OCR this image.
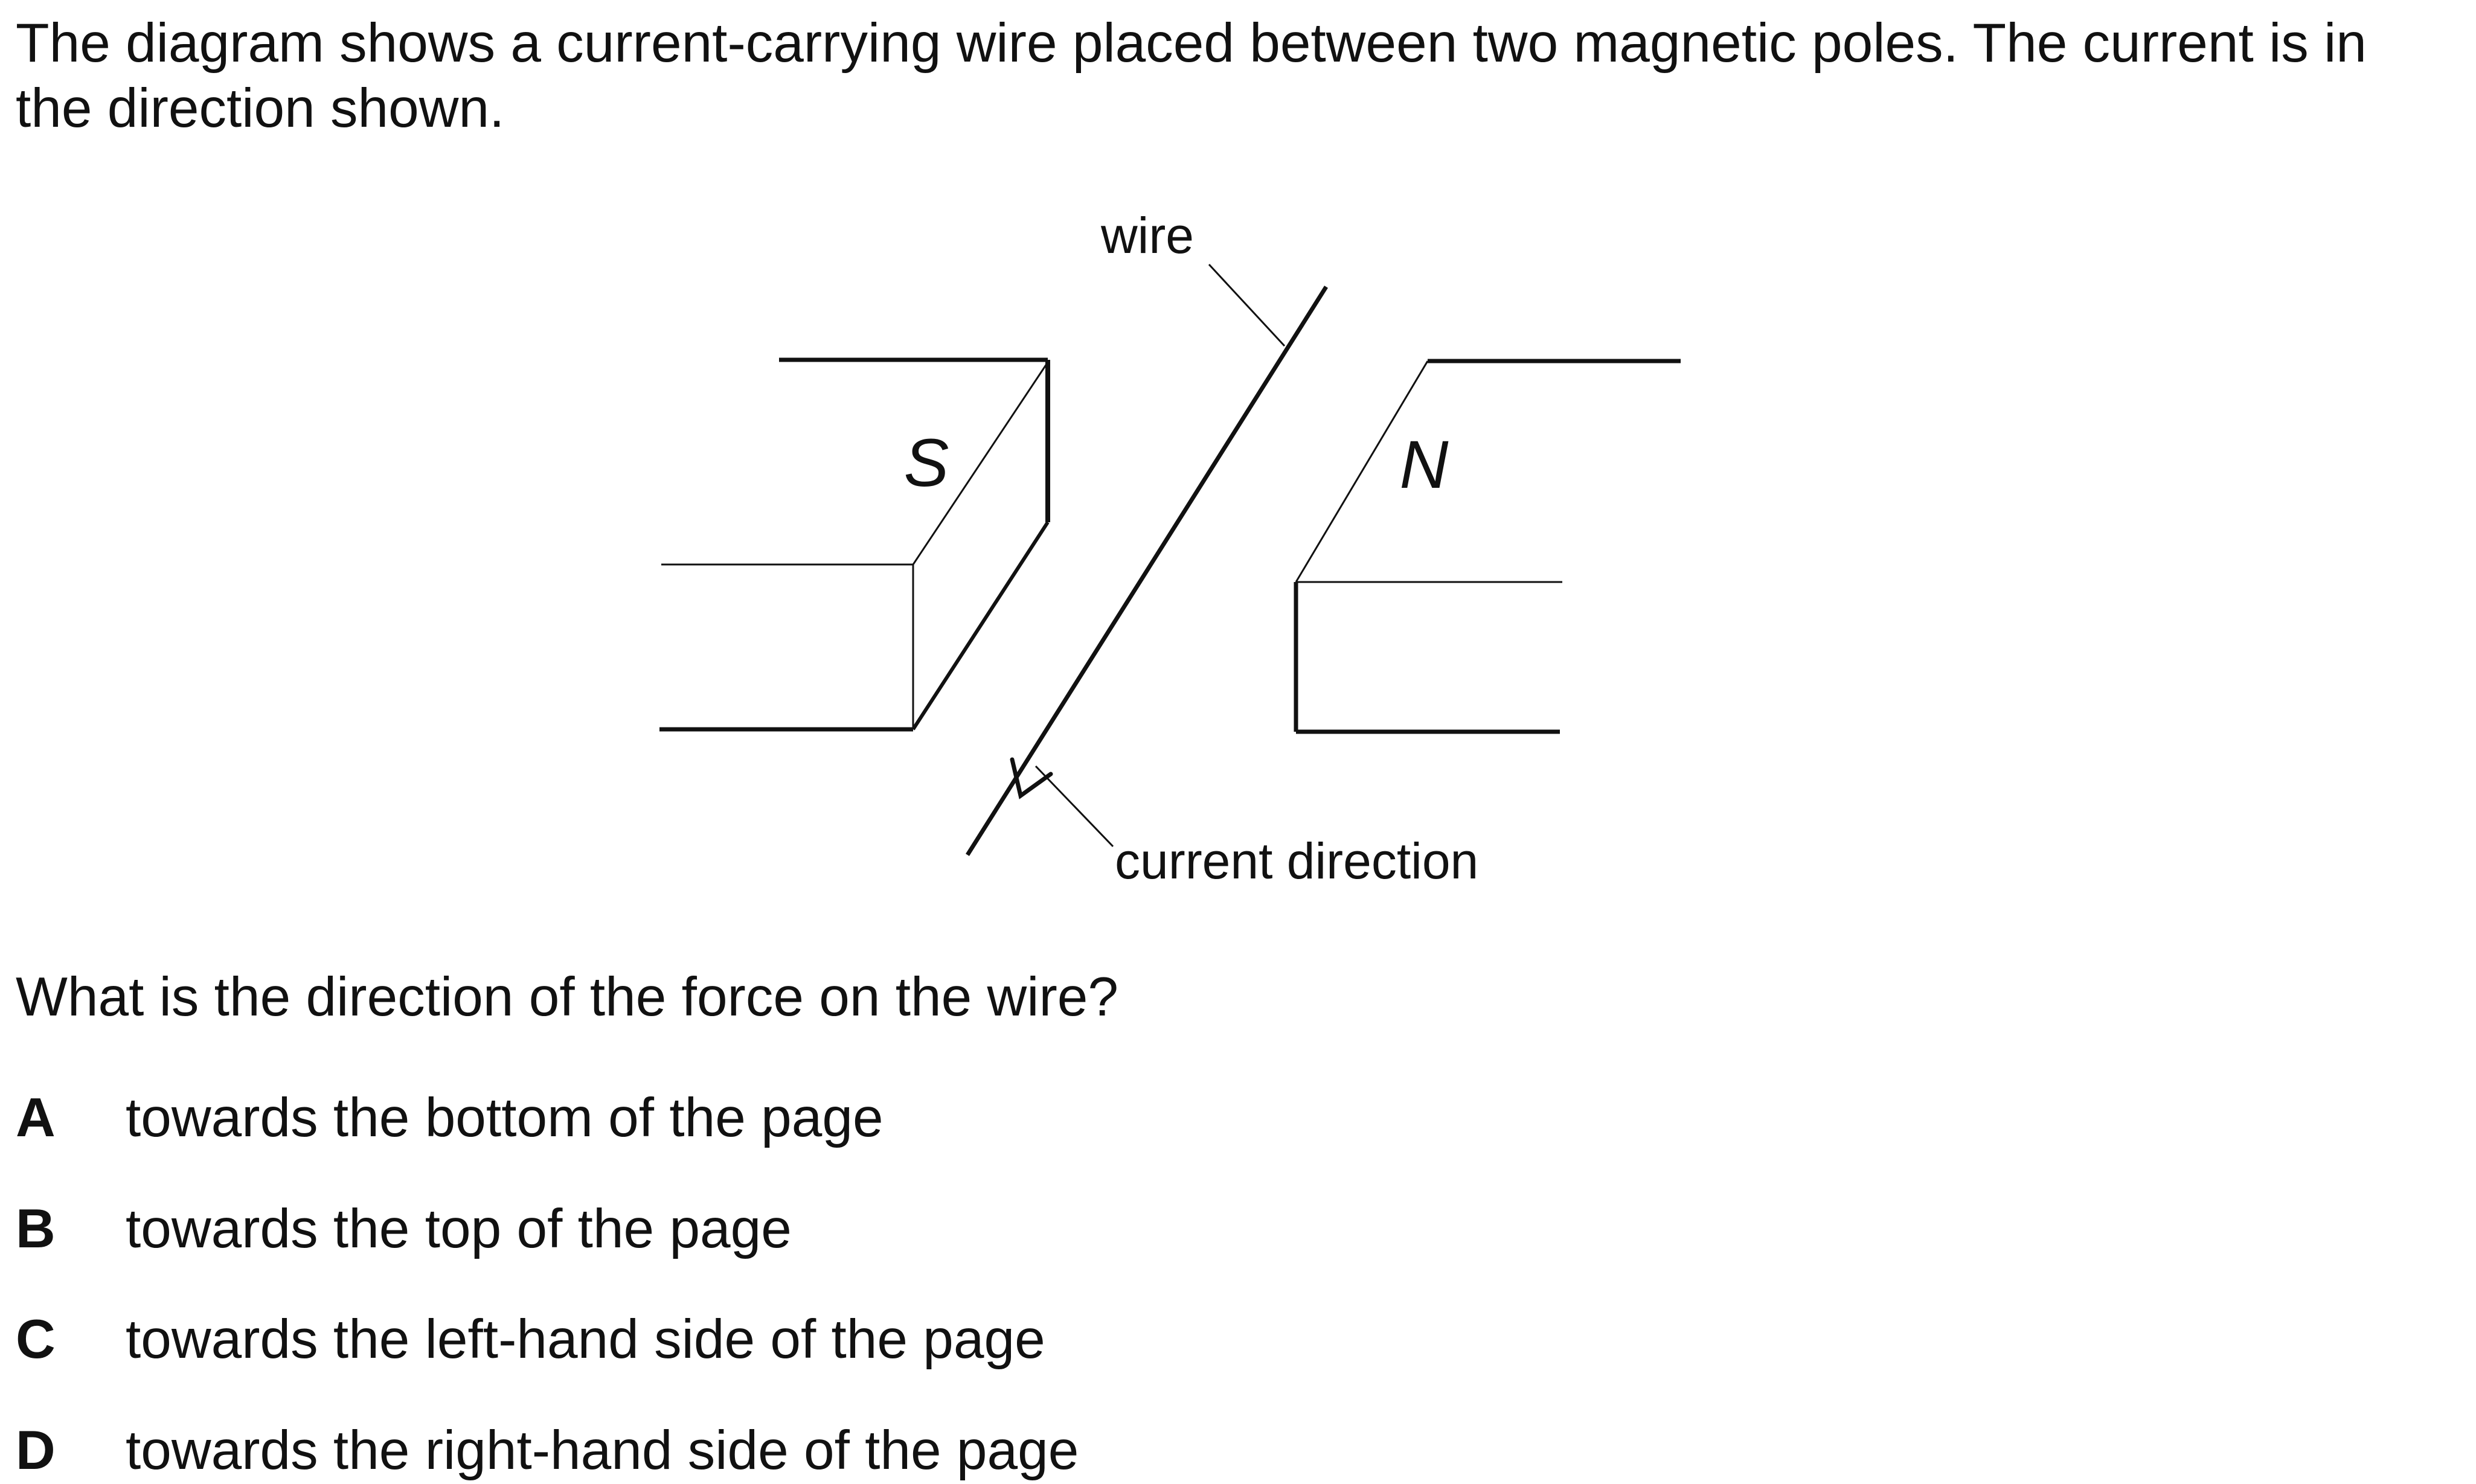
The diagram shows a current-carrying wire placed between two magnetic poles. The current is in the direction shown.

S	N
wire
current direction

What is the direction of the force on the wire?

A towards the bottom of the page
B towards the top of the page
C towards the left-hand side of the page
D towards the right-hand side of the page
